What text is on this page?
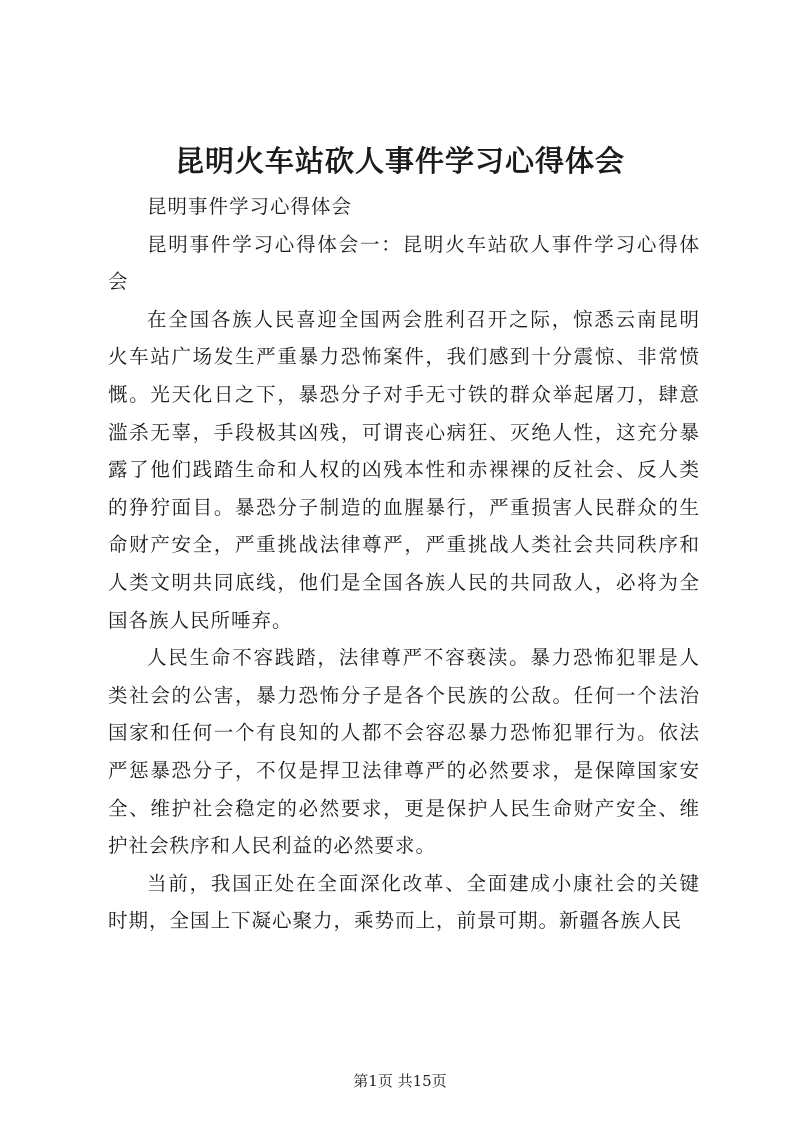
昆明火车站砍人事件学习心得体会

昆明事件学习心得体会

昆明事件学习心得体会一：昆明火车站砍人事件学习心得体会

在全国各族人民喜迎全国两会胜利召开之际，惊悉云南昆明火车站广场发生严重暴力恐怖案件，我们感到十分震惊、非常愤慨。光天化日之下，暴恐分子对手无寸铁的群众举起屠刀，肆意滥杀无辜，手段极其凶残，可谓丧心病狂、灭绝人性，这充分暴露了他们践踏生命和人权的凶残本性和赤裸裸的反社会、反人类的狰狞面目。暴恐分子制造的血腥暴行，严重损害人民群众的生命财产安全，严重挑战法律尊严，严重挑战人类社会共同秩序和人类文明共同底线，他们是全国各族人民的共同敌人，必将为全国各族人民所唾弃。

人民生命不容践踏，法律尊严不容亵渎。暴力恐怖犯罪是人类社会的公害，暴力恐怖分子是各个民族的公敌。任何一个法治国家和任何一个有良知的人都不会容忍暴力恐怖犯罪行为。依法严惩暴恐分子，不仅是捍卫法律尊严的必然要求，是保障国家安全、维护社会稳定的必然要求，更是保护人民生命财产安全、维护社会秩序和人民利益的必然要求。

当前，我国正处在全面深化改革、全面建成小康社会的关键时期，全国上下凝心聚力，乘势而上，前景可期。新疆各族人民

第1页 共15页
